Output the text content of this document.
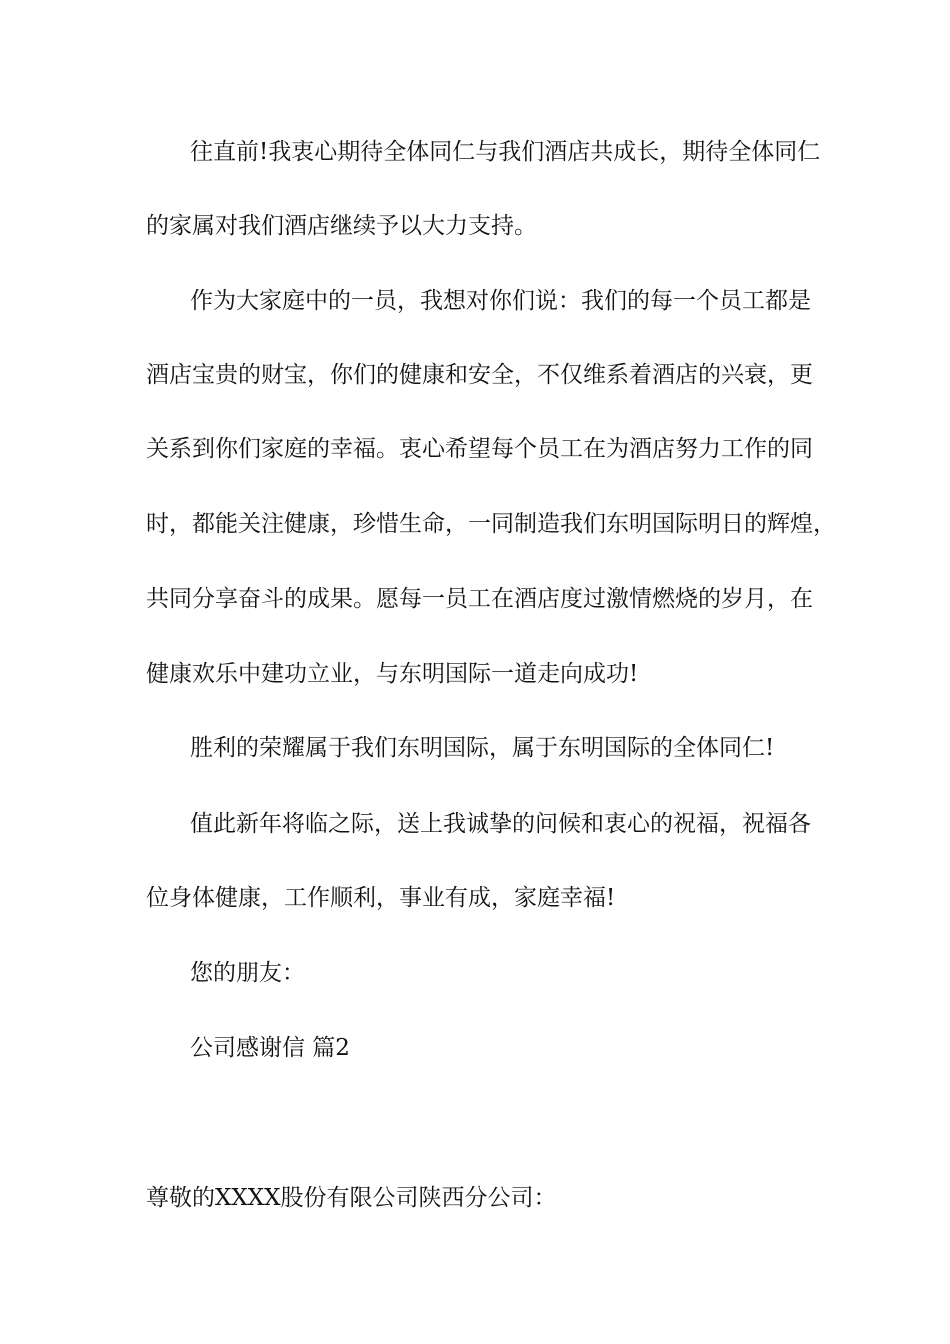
往直前!我衷心期待全体同仁与我们酒店共成长，期待全体同仁
的家属对我们酒店继续予以大力支持。
作为大家庭中的一员，我想对你们说：我们的每一个员工都是
酒店宝贵的财宝，你们的健康和安全，不仅维系着酒店的兴衰，更
关系到你们家庭的幸福。衷心希望每个员工在为酒店努力工作的同
时，都能关注健康，珍惜生命，一同制造我们东明国际明日的辉煌，
共同分享奋斗的成果。愿每一员工在酒店度过激情燃烧的岁月，在
健康欢乐中建功立业，与东明国际一道走向成功!
胜利的荣耀属于我们东明国际，属于东明国际的全体同仁!
值此新年将临之际，送上我诚挚的问候和衷心的祝福，祝福各
位身体健康，工作顺利，事业有成，家庭幸福!
您的朋友：
公司感谢信 篇2
尊敬的XXXX股份有限公司陕西分公司：
